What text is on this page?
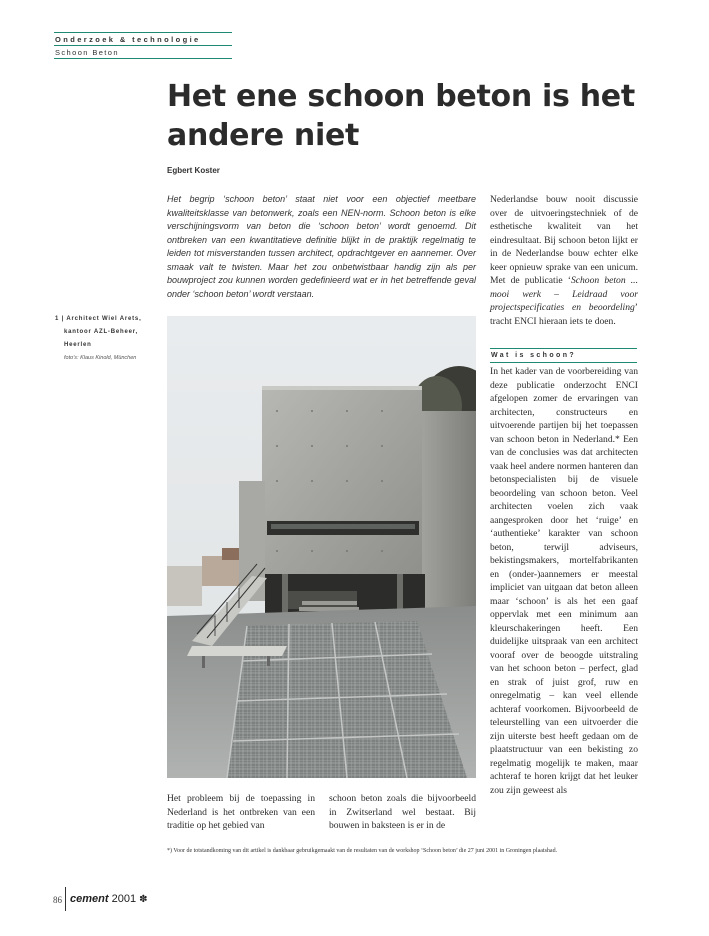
Onderzoek & technologie
Schoon Beton
Het ene schoon beton is het
andere niet
Egbert Koster
Het begrip ‘schoon beton’ staat niet voor een objectief meetbare kwaliteitsklasse van betonwerk, zoals een NEN-norm. Schoon beton is elke verschijningsvorm van beton die ‘schoon beton’ wordt genoemd. Dit ontbreken van een kwantitatieve definitie blijkt in de praktijk regelmatig te leiden tot misverstanden tussen architect, opdrachtgever en aannemer. Over smaak valt te twisten. Maar het zou onbetwistbaar handig zijn als per bouwproject zou kunnen worden gedefinieerd wat er in het betreffende geval onder ‘schoon beton’ wordt verstaan.
1 | Architect Wiel Arets,
kantoor AZL-Beheer,
Heerlen
foto’s: Klaus Kinold, München
Het probleem bij de toepassing in Nederland is het ontbreken van een traditie op het gebied van
schoon beton zoals die bijvoorbeeld in Zwitserland wel bestaat. Bij bouwen in baksteen is er in de

Nederlandse bouw nooit discussie over de uitvoeringstechniek of de esthetische kwaliteit van het eindresultaat. Bij schoon beton lijkt er in de Nederlandse bouw echter elke keer opnieuw sprake van een unicum. Met de publicatie ‘Schoon beton ... mooi werk – Leidraad voor projectspecificaties en beoordeling’ tracht ENCI hieraan iets te doen.

Wat is schoon?
In het kader van de voorbereiding van deze publicatie onderzocht ENCI afgelopen zomer de ervaringen van architecten, constructeurs en uitvoerende partijen bij het toepassen van schoon beton in Nederland.* Een van de conclusies was dat architecten vaak heel andere normen hanteren dan betonspecialisten bij de visuele beoordeling van schoon beton. Veel architecten voelen zich vaak aangesproken door het ‘ruige’ en ‘authentieke’ karakter van schoon beton, terwijl adviseurs, bekistingsmakers, mortelfabrikanten en (onder-)aannemers er meestal impliciet van uitgaan dat beton alleen maar ‘schoon’ is als het een gaaf oppervlak met een minimum aan kleurschakeringen heeft. Een duidelijke uitspraak van een architect vooraf over de beoogde uitstraling van het schoon beton – perfect, glad en strak of juist grof, ruw en onregelmatig – kan veel ellende achteraf voorkomen. Bijvoorbeeld de teleurstelling van een uitvoerder die zijn uiterste best heeft gedaan om de plaatstructuur van een bekisting zo regelmatig mogelijk te maken, maar achteraf te horen krijgt dat het leuker zou zijn geweest als
*) Voor de totstandkoming van dit artikel is dankbaar gebruikgemaakt van de resultaten van de workshop ‘Schoon beton’ die 27 juni 2001 in Groningen plaatshad.
86 cement 2001 ✽
